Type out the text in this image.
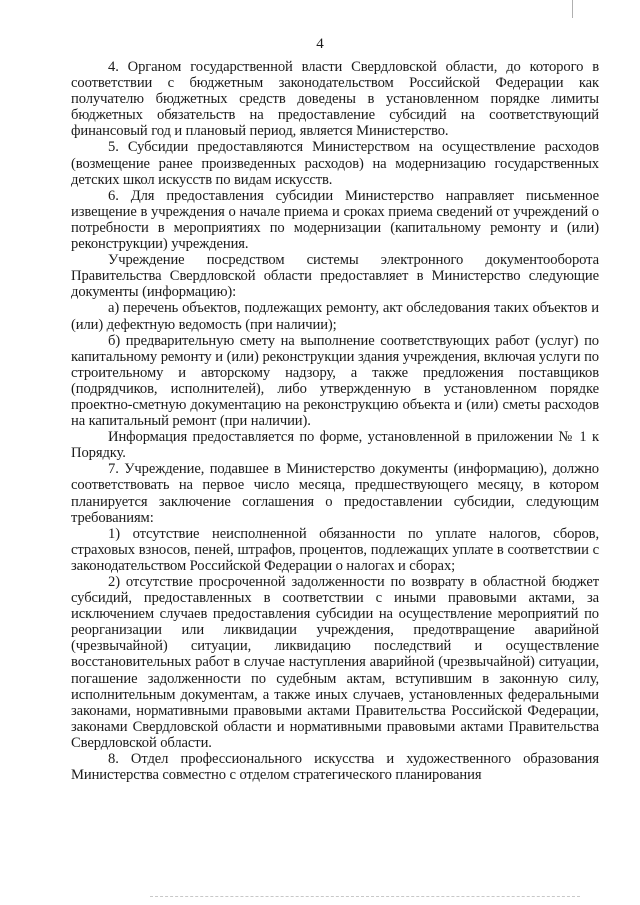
4

4. Органом государственной власти Свердловской области, до которого в соответствии с бюджетным законодательством Российской Федерации как получателю бюджетных средств доведены в установленном порядке лимиты бюджетных обязательств на предоставление субсидий на соответствующий финансовый год и плановый период, является Министерство.

5. Субсидии предоставляются Министерством на осуществление расходов (возмещение ранее произведенных расходов) на модернизацию государственных детских школ искусств по видам искусств.

6. Для предоставления субсидии Министерство направляет письменное извещение в учреждения о начале приема и сроках приема сведений от учреждений о потребности в мероприятиях по модернизации (капитальному ремонту и (или) реконструкции) учреждения.

Учреждение посредством системы электронного документооборота Правительства Свердловской области предоставляет в Министерство следующие документы (информацию):

а) перечень объектов, подлежащих ремонту, акт обследования таких объектов и (или) дефектную ведомость (при наличии);

б) предварительную смету на выполнение соответствующих работ (услуг) по капитальному ремонту и (или) реконструкции здания учреждения, включая услуги по строительному и авторскому надзору, а также предложения поставщиков (подрядчиков, исполнителей), либо утвержденную в установленном порядке проектно-сметную документацию на реконструкцию объекта и (или) сметы расходов на капитальный ремонт (при наличии).

Информация предоставляется по форме, установленной в приложении № 1 к Порядку.

7. Учреждение, подавшее в Министерство документы (информацию), должно соответствовать на первое число месяца, предшествующего месяцу, в котором планируется заключение соглашения о предоставлении субсидии, следующим требованиям:

1) отсутствие неисполненной обязанности по уплате налогов, сборов, страховых взносов, пеней, штрафов, процентов, подлежащих уплате в соответствии с законодательством Российской Федерации о налогах и сборах;

2) отсутствие просроченной задолженности по возврату в областной бюджет субсидий, предоставленных в соответствии с иными правовыми актами, за исключением случаев предоставления субсидии на осуществление мероприятий по реорганизации или ликвидации учреждения, предотвращение аварийной (чрезвычайной) ситуации, ликвидацию последствий и осуществление восстановительных работ в случае наступления аварийной (чрезвычайной) ситуации, погашение задолженности по судебным актам, вступившим в законную силу, исполнительным документам, а также иных случаев, установленных федеральными законами, нормативными правовыми актами Правительства Российской Федерации, законами Свердловской области и нормативными правовыми актами Правительства Свердловской области.

8. Отдел профессионального искусства и художественного образования Министерства совместно с отделом стратегического планирования
